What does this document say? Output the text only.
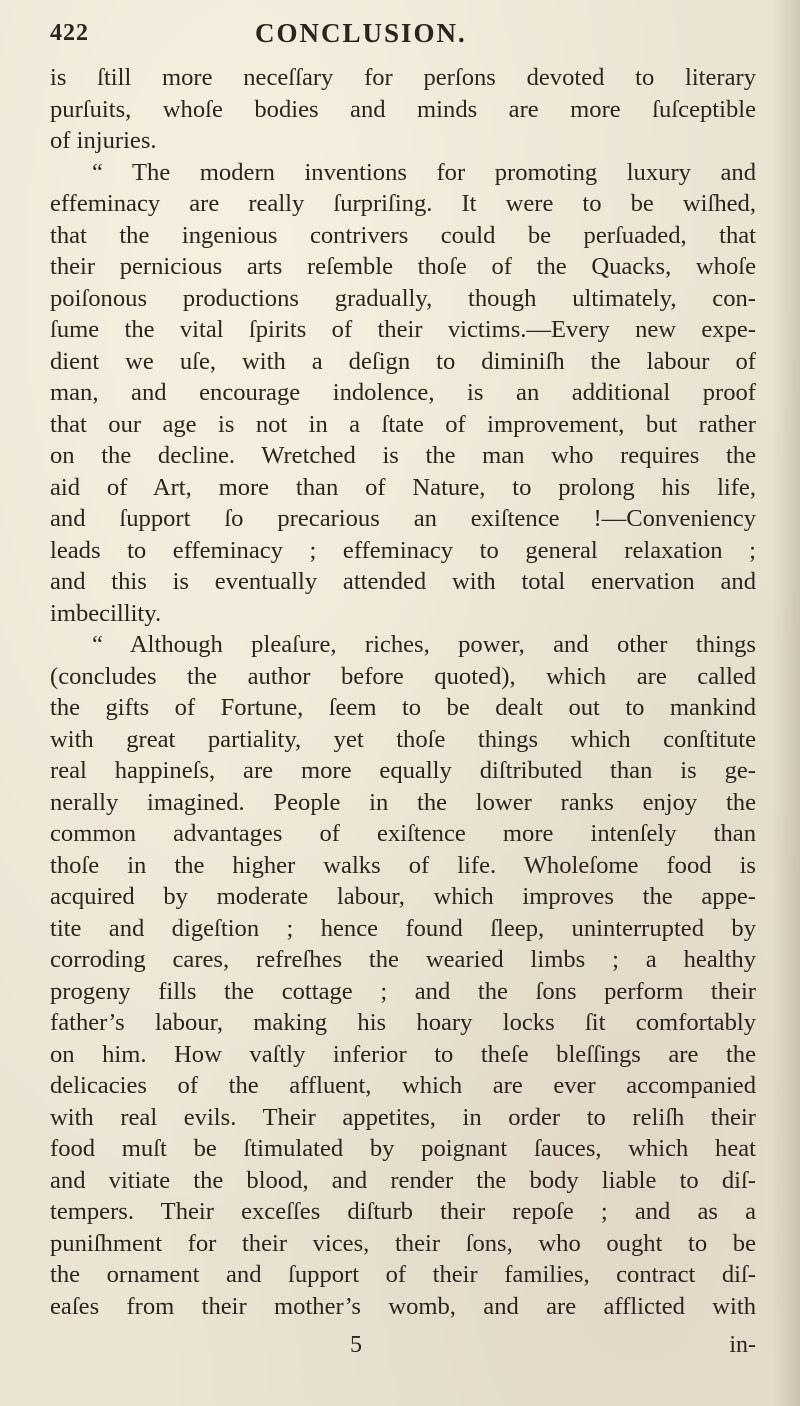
422	CONCLUSION.
is ſtill more neceſſary for perſons devoted to literary
purſuits, whoſe bodies and minds are more ſuſceptible
of injuries.
“ The modern inventions for promoting luxury and
effeminacy are really ſurpriſing. It were to be wiſhed,
that the ingenious contrivers could be perſuaded, that
their pernicious arts reſemble thoſe of the Quacks, whoſe
poiſonous productions gradually, though ultimately, con-
ſume the vital ſpirits of their victims.—Every new expe-
dient we uſe, with a deſign to diminiſh the labour of
man, and encourage indolence, is an additional proof
that our age is not in a ſtate of improvement, but rather
on the decline. Wretched is the man who requires the
aid of Art, more than of Nature, to prolong his life,
and ſupport ſo precarious an exiſtence !—Conveniency
leads to effeminacy ; effeminacy to general relaxation ;
and this is eventually attended with total enervation and
imbecillity.
“ Although pleaſure, riches, power, and other things
(concludes the author before quoted), which are called
the gifts of Fortune, ſeem to be dealt out to mankind
with great partiality, yet thoſe things which conſtitute
real happineſs, are more equally diſtributed than is ge-
nerally imagined. People in the lower ranks enjoy the
common advantages of exiſtence more intenſely than
thoſe in the higher walks of life. Wholeſome food is
acquired by moderate labour, which improves the appe-
tite and digeſtion ; hence found ſleep, uninterrupted by
corroding cares, refreſhes the wearied limbs ; a healthy
progeny fills the cottage ; and the ſons perform their
father’s labour, making his hoary locks ſit comfortably
on him. How vaſtly inferior to theſe bleſſings are the
delicacies of the affluent, which are ever accompanied
with real evils. Their appetites, in order to reliſh their
food muſt be ſtimulated by poignant ſauces, which heat
and vitiate the blood, and render the body liable to diſ-
tempers. Their exceſſes diſturb their repoſe ; and as a
puniſhment for their vices, their ſons, who ought to be
the ornament and ſupport of their families, contract diſ-
eaſes from their mother’s womb, and are afflicted with
5	in-
